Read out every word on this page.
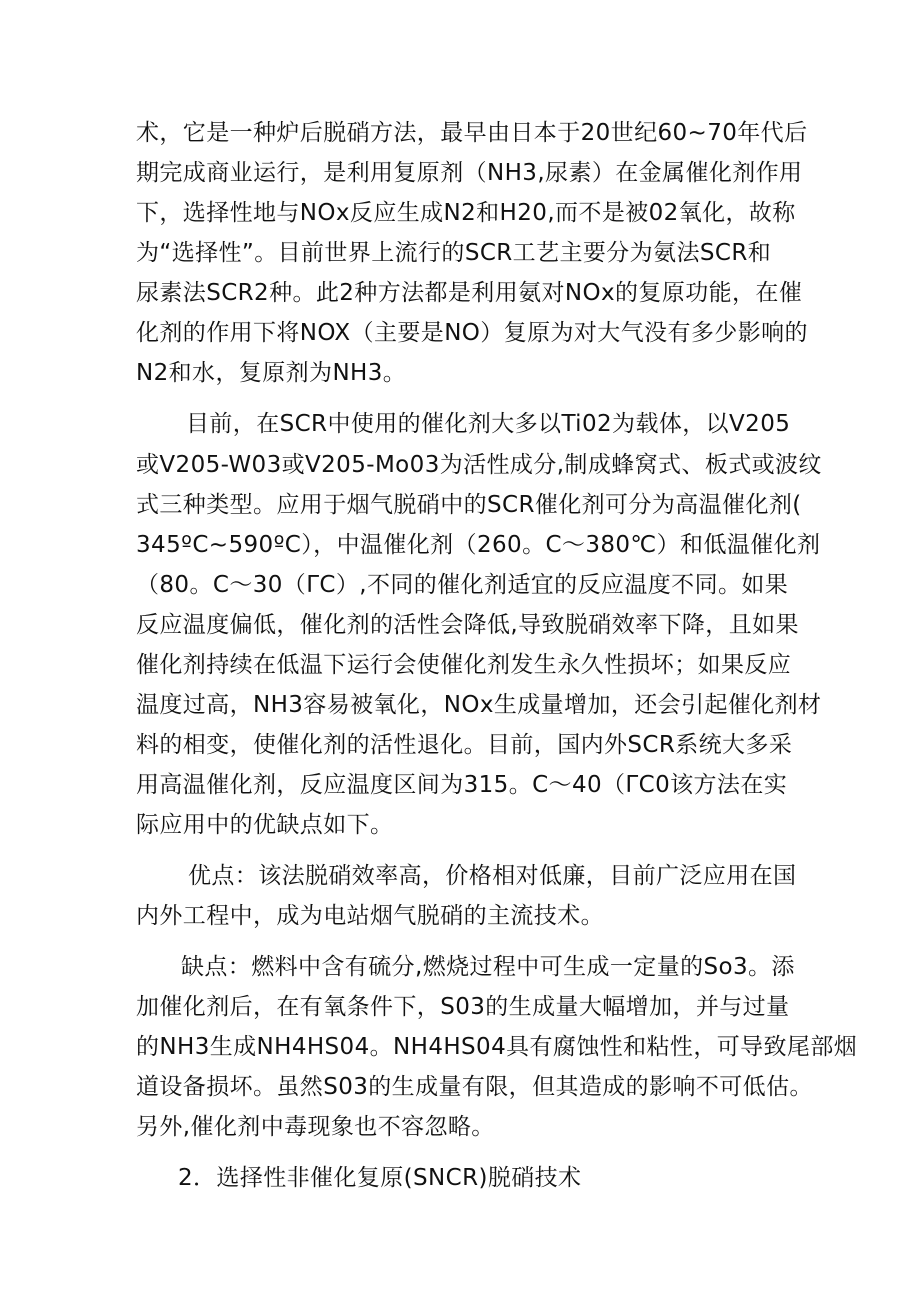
术，它是一种炉后脱硝方法，最早由日本于20世纪60~70年代后
期完成商业运行，是利用复原剂（NH3,尿素）在金属催化剂作用
下，选择性地与NOx反应生成N2和H20,而不是被02氧化，故称
为“选择性”。目前世界上流行的SCR工艺主要分为氨法SCR和
尿素法SCR2种。此2种方法都是利用氨对NOx的复原功能，在催
化剂的作用下将NOX（主要是NO）复原为对大气没有多少影响的
N2和水，复原剂为NH3。
目前，在SCR中使用的催化剂大多以Ti02为载体，以V205
或V205-W03或V205-Mo03为活性成分,制成蜂窝式、板式或波纹
式三种类型。应用于烟气脱硝中的SCR催化剂可分为高温催化剂(
345ºC~590ºC），中温催化剂（260。C～380℃）和低温催化剂
（80。C～30（ΓC）,不同的催化剂适宜的反应温度不同。如果
反应温度偏低，催化剂的活性会降低,导致脱硝效率下降，且如果
催化剂持续在低温下运行会使催化剂发生永久性损坏；如果反应
温度过高，NH3容易被氧化，NOx生成量增加，还会引起催化剂材
料的相变，使催化剂的活性退化。目前，国内外SCR系统大多采
用高温催化剂，反应温度区间为315。C～40（ΓC0该方法在实
际应用中的优缺点如下。
优点：该法脱硝效率高，价格相对低廉，目前广泛应用在国
内外工程中，成为电站烟气脱硝的主流技术。
缺点：燃料中含有硫分,燃烧过程中可生成一定量的So3。添
加催化剂后，在有氧条件下，S03的生成量大幅增加，并与过量
的NH3生成NH4HS04。NH4HS04具有腐蚀性和粘性，可导致尾部烟
道设备损坏。虽然S03的生成量有限，但其造成的影响不可低估。
另外,催化剂中毒现象也不容忽略。
2．选择性非催化复原(SNCR)脱硝技术
